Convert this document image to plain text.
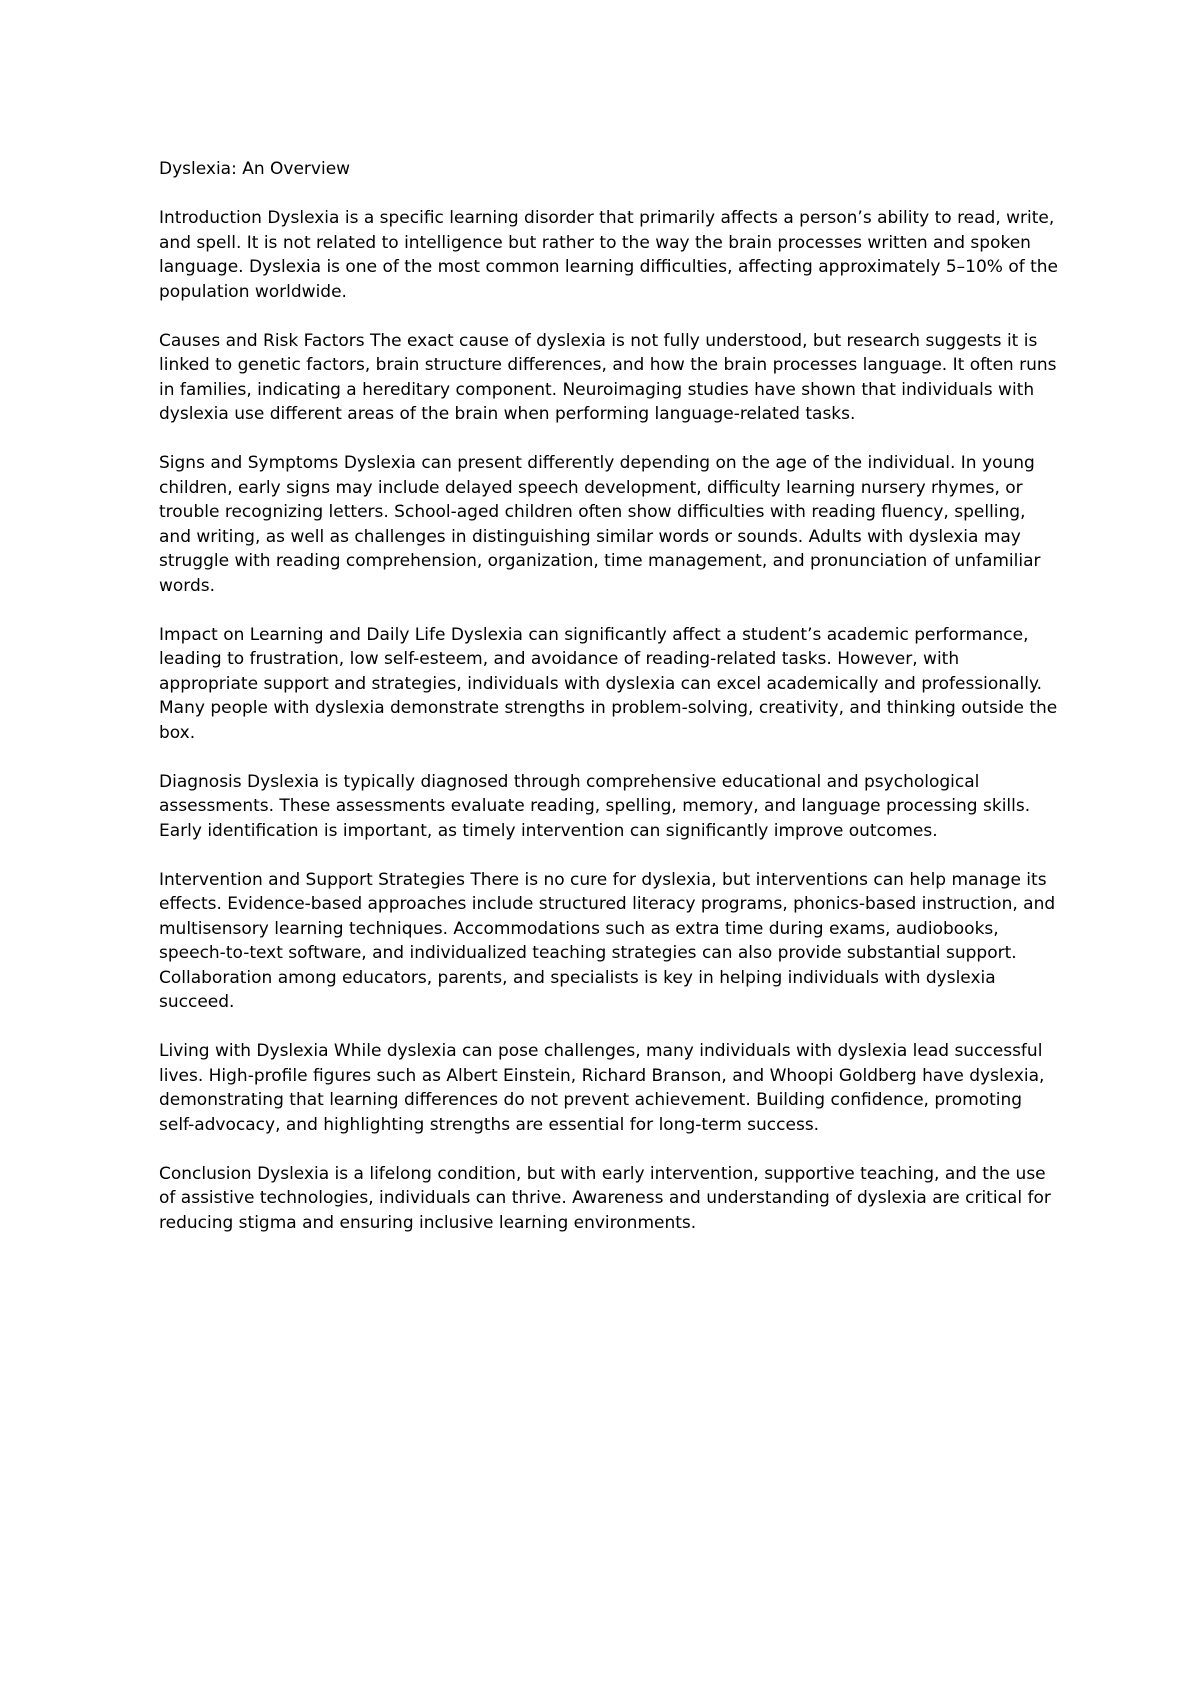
Dyslexia: An Overview
Introduction Dyslexia is a specific learning disorder that primarily affects a person’s ability to read, write, and spell. It is not related to intelligence but rather to the way the brain processes written and spoken language. Dyslexia is one of the most common learning difficulties, affecting approximately 5–10% of the population worldwide.
Causes and Risk Factors The exact cause of dyslexia is not fully understood, but research suggests it is linked to genetic factors, brain structure differences, and how the brain processes language. It often runs in families, indicating a hereditary component. Neuroimaging studies have shown that individuals with dyslexia use different areas of the brain when performing language-related tasks.
Signs and Symptoms Dyslexia can present differently depending on the age of the individual. In young children, early signs may include delayed speech development, difficulty learning nursery rhymes, or trouble recognizing letters. School-aged children often show difficulties with reading fluency, spelling, and writing, as well as challenges in distinguishing similar words or sounds. Adults with dyslexia may struggle with reading comprehension, organization, time management, and pronunciation of unfamiliar words.
Impact on Learning and Daily Life Dyslexia can significantly affect a student’s academic performance, leading to frustration, low self-esteem, and avoidance of reading-related tasks. However, with appropriate support and strategies, individuals with dyslexia can excel academically and professionally. Many people with dyslexia demonstrate strengths in problem-solving, creativity, and thinking outside the box.
Diagnosis Dyslexia is typically diagnosed through comprehensive educational and psychological assessments. These assessments evaluate reading, spelling, memory, and language processing skills. Early identification is important, as timely intervention can significantly improve outcomes.
Intervention and Support Strategies There is no cure for dyslexia, but interventions can help manage its effects. Evidence-based approaches include structured literacy programs, phonics-based instruction, and multisensory learning techniques. Accommodations such as extra time during exams, audiobooks, speech-to-text software, and individualized teaching strategies can also provide substantial support. Collaboration among educators, parents, and specialists is key in helping individuals with dyslexia succeed.
Living with Dyslexia While dyslexia can pose challenges, many individuals with dyslexia lead successful lives. High-profile figures such as Albert Einstein, Richard Branson, and Whoopi Goldberg have dyslexia, demonstrating that learning differences do not prevent achievement. Building confidence, promoting self-advocacy, and highlighting strengths are essential for long-term success.
Conclusion Dyslexia is a lifelong condition, but with early intervention, supportive teaching, and the use of assistive technologies, individuals can thrive. Awareness and understanding of dyslexia are critical for reducing stigma and ensuring inclusive learning environments.
